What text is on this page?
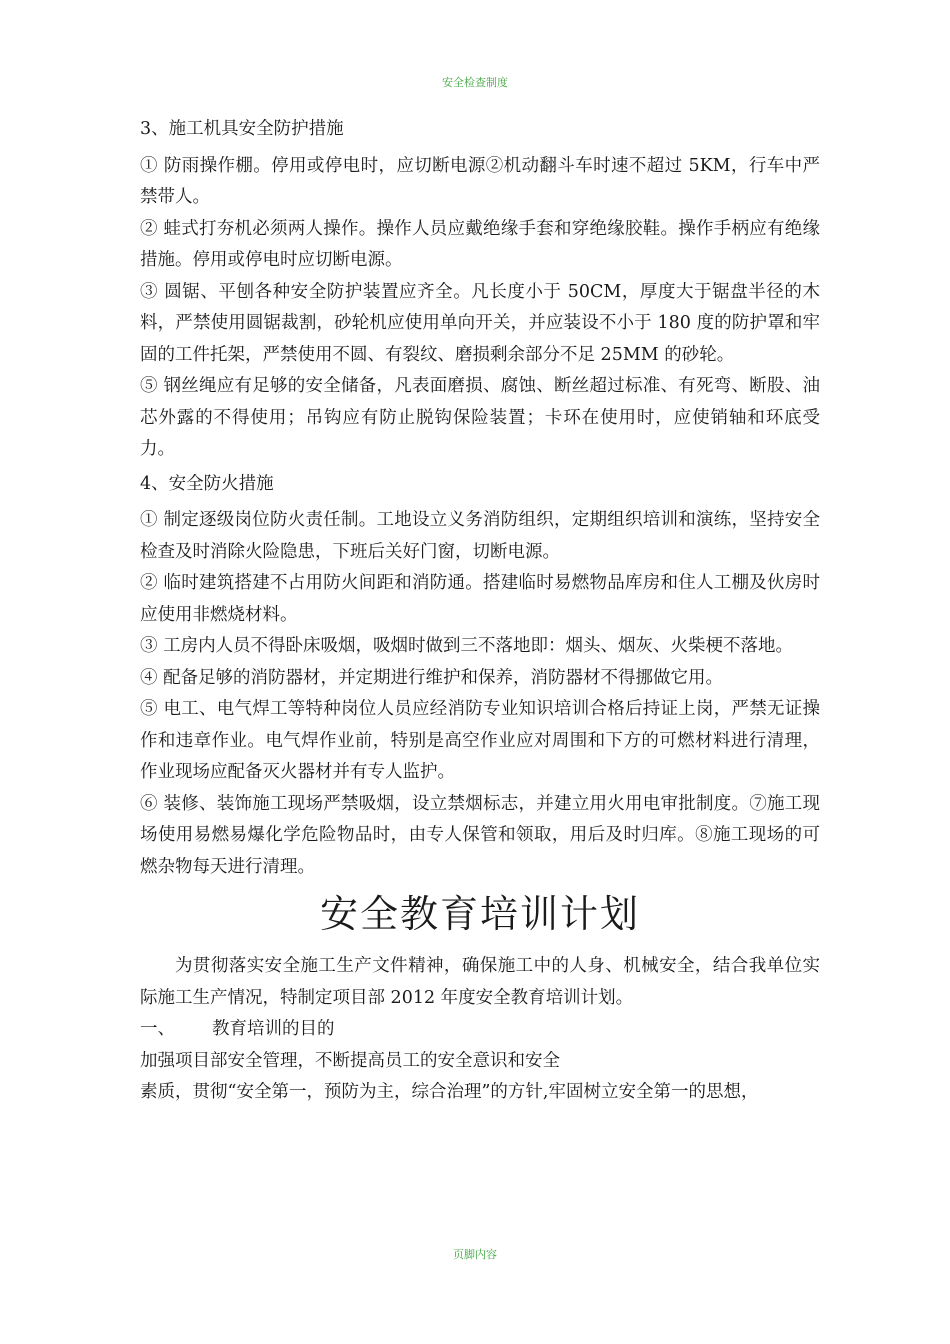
安全检查制度

3、施工机具安全防护措施

① 防雨操作棚。停用或停电时，应切断电源②机动翻斗车时速不超过 5KM，行车中严禁带人。

② 蛙式打夯机必须两人操作。操作人员应戴绝缘手套和穿绝缘胶鞋。操作手柄应有绝缘措施。停用或停电时应切断电源。

③ 圆锯、平刨各种安全防护装置应齐全。凡长度小于 50CM，厚度大于锯盘半径的木料，严禁使用圆锯裁割，砂轮机应使用单向开关，并应装设不小于 180 度的防护罩和牢固的工件托架，严禁使用不圆、有裂纹、磨损剩余部分不足 25MM 的砂轮。

⑤ 钢丝绳应有足够的安全储备，凡表面磨损、腐蚀、断丝超过标准、有死弯、断股、油芯外露的不得使用；吊钩应有防止脱钩保险装置；卡环在使用时，应使销轴和环底受力。

4、安全防火措施

① 制定逐级岗位防火责任制。工地设立义务消防组织，定期组织培训和演练，坚持安全检查及时消除火险隐患，下班后关好门窗，切断电源。

② 临时建筑搭建不占用防火间距和消防通。搭建临时易燃物品库房和住人工棚及伙房时应使用非燃烧材料。

③ 工房内人员不得卧床吸烟，吸烟时做到三不落地即：烟头、烟灰、火柴梗不落地。

④ 配备足够的消防器材，并定期进行维护和保养，消防器材不得挪做它用。

⑤ 电工、电气焊工等特种岗位人员应经消防专业知识培训合格后持证上岗，严禁无证操作和违章作业。电气焊作业前，特别是高空作业应对周围和下方的可燃材料进行清理，作业现场应配备灭火器材并有专人监护。

⑥ 装修、装饰施工现场严禁吸烟，设立禁烟标志，并建立用火用电审批制度。⑦施工现场使用易燃易爆化学危险物品时，由专人保管和领取，用后及时归库。⑧施工现场的可燃杂物每天进行清理。

安全教育培训计划

为贯彻落实安全施工生产文件精神，确保施工中的人身、机械安全，结合我单位实际施工生产情况，特制定项目部 2012 年度安全教育培训计划。

一、 教育培训的目的

加强项目部安全管理，不断提高员工的安全意识和安全

素质，贯彻“安全第一，预防为主，综合治理”的方针,牢固树立安全第一的思想，

页脚内容
